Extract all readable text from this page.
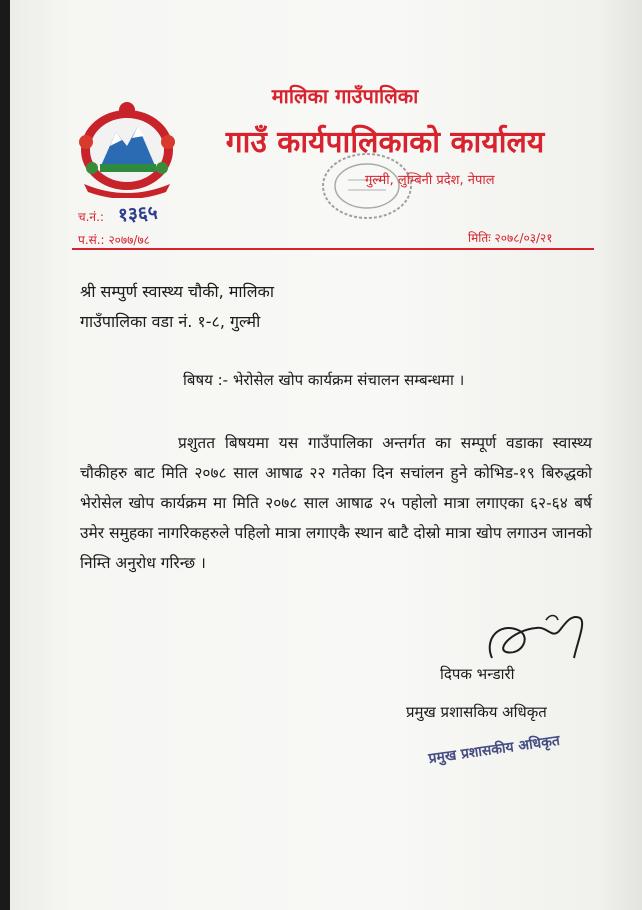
मालिका गाउँपालिका
गाउँ कार्यपालिकाको कार्यालय
गुल्मी, लुम्बिनी प्रदेश, नेपाल
च.नं.: १३६५
प.सं.: २०७७/७८	मितिः २०७८/०३/२१
श्री सम्पुर्ण स्वास्थ्य चौकी, मालिका
गाउँपालिका वडा नं. १-८, गुल्मी
बिषय :- भेरोसेल खोप कार्यक्रम संचालन सम्बन्धमा ।
प्रशुतत बिषयमा यस गाउँपालिका अन्तर्गत का सम्पूर्ण वडाका स्वास्थ्य चौकीहरु बाट मिति २०७८ साल आषाढ २२ गतेका दिन सचांलन हुने कोभिड-१९ बिरुद्धको भेरोसेल खोप कार्यक्रम मा मिति २०७८ साल आषाढ २५ पहोलो मात्रा लगाएका ६२-६४ बर्ष उमेर समुहका नागरिकहरुले पहिलो मात्रा लगाएकै स्थान बाटै दोस्रो मात्रा खोप लगाउन जानको निम्ति अनुरोध गरिन्छ ।
दिपक भन्डारी
प्रमुख प्रशासकिय अधिकृत
प्रमुख प्रशासकीय अधिकृत
